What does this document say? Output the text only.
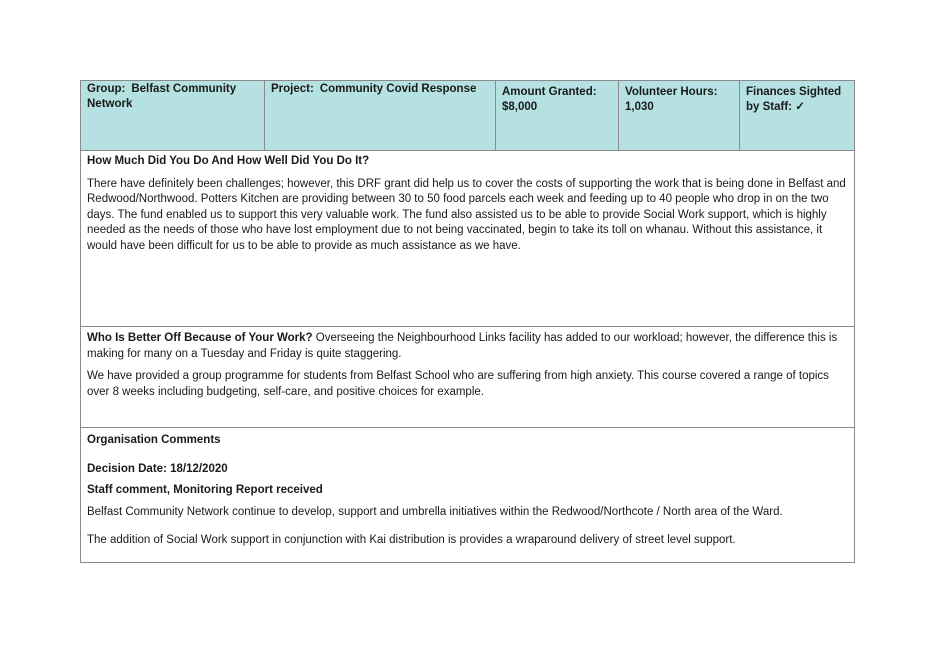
Group: Belfast Community Network
Project: Community Covid Response	Amount Granted:
$8,000
Volunteer Hours:
1,030
Finances Sighted by Staff: ✓

How Much Did You Do And How Well Did You Do It?

There have definitely been challenges; however, this DRF grant did help us to cover the costs of supporting the work that is being done in Belfast and Redwood/Northwood. Potters Kitchen are providing between 30 to 50 food parcels each week and feeding up to 40 people who drop in on the two days. The fund enabled us to support this very valuable work. The fund also assisted us to be able to provide Social Work support, which is highly needed as the needs of those who have lost employment due to not being vaccinated, begin to take its toll on whanau. Without this assistance, it would have been difficult for us to be able to provide as much assistance as we have.

Who Is Better Off Because of Your Work? Overseeing the Neighbourhood Links facility has added to our workload; however, the difference this is making for many on a Tuesday and Friday is quite staggering.

We have provided a group programme for students from Belfast School who are suffering from high anxiety. This course covered a range of topics over 8 weeks including budgeting, self-care, and positive choices for example.

Organisation Comments

Decision Date: 18/12/2020

Staff comment, Monitoring Report received

Belfast Community Network continue to develop, support and umbrella initiatives within the Redwood/Northcote / North area of the Ward.

The addition of Social Work support in conjunction with Kai distribution is provides a wraparound delivery of street level support.
